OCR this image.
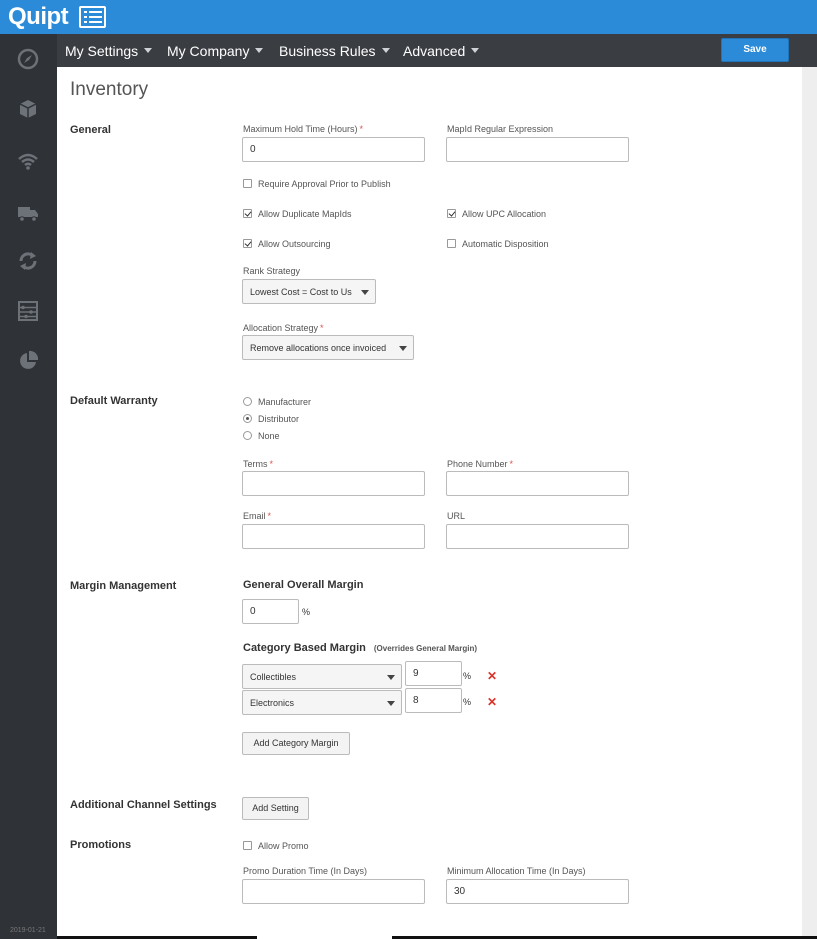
Quipt
2019-01-21
My Settings	My Company	Business Rules	Advanced	Save
Inventory
General	Maximum Hold Time (Hours) *
0
MapId Regular Expression
Require Approval Prior to Publish
Allow Duplicate MapIds	Allow UPC Allocation
Allow Outsourcing	Automatic Disposition
Rank Strategy
Lowest Cost = Cost to Us
Allocation Strategy *
Remove allocations once invoiced
Default Warranty	Manufacturer
Distributor
None
Terms *	Phone Number *
Email *	URL
Margin Management	General Overall Margin
0	%
Category Based Margin (Overrides General Margin)
Collectibles	9	% ✕
Electronics	8	% ✕
Add Category Margin
Additional Channel Settings	Add Setting
Promotions	Allow Promo
Promo Duration Time (In Days)	Minimum Allocation Time (In Days)
30
